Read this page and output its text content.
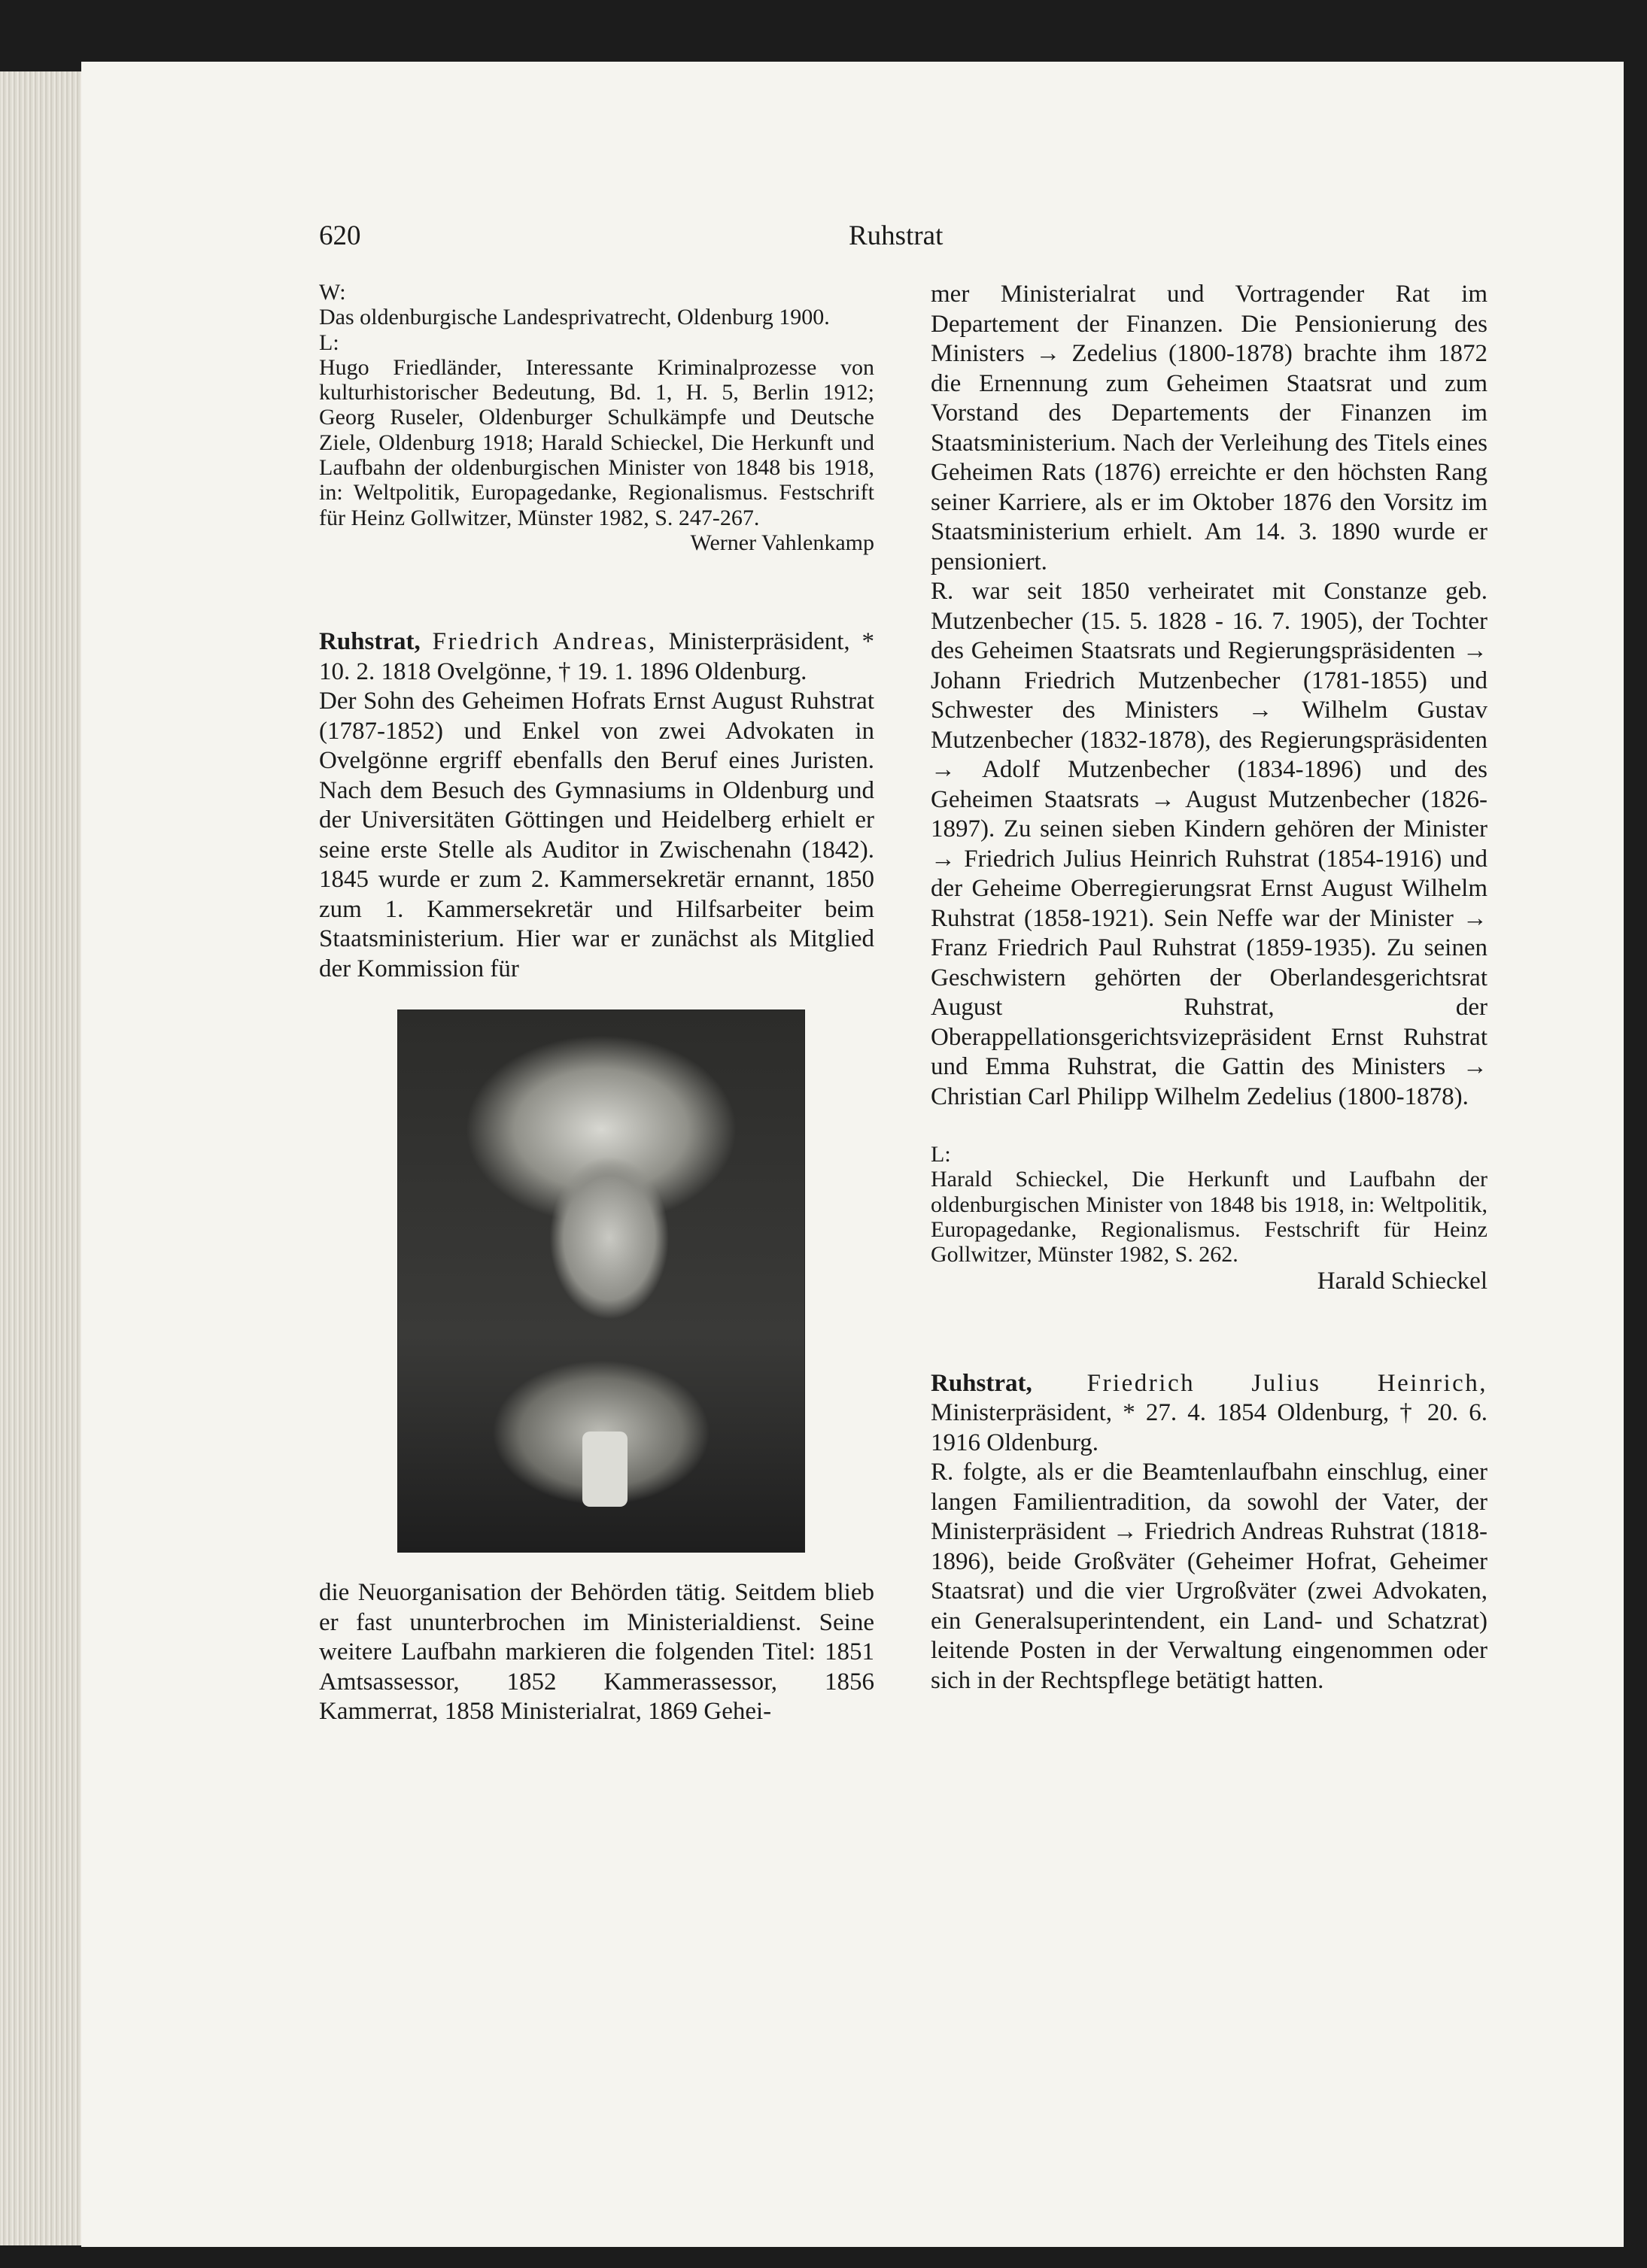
620	Ruhstrat

W:

Das oldenburgische Landesprivatrecht, Oldenburg 1900.

L:

Hugo Friedländer, Interessante Kriminalprozesse von kulturhistorischer Bedeutung, Bd. 1, H. 5, Berlin 1912; Georg Ruseler, Oldenburger Schulkämpfe und Deutsche Ziele, Oldenburg 1918; Harald Schieckel, Die Herkunft und Laufbahn der oldenburgischen Minister von 1848 bis 1918, in: Weltpolitik, Europagedanke, Regionalismus. Festschrift für Heinz Gollwitzer, Münster 1982, S. 247-267.

Werner Vahlenkamp

Ruhstrat, Friedrich Andreas, Ministerpräsident, * 10. 2. 1818 Ovelgönne, † 19. 1. 1896 Oldenburg.

Der Sohn des Geheimen Hofrats Ernst August Ruhstrat (1787-1852) und Enkel von zwei Advokaten in Ovelgönne ergriff ebenfalls den Beruf eines Juristen. Nach dem Besuch des Gymnasiums in Oldenburg und der Universitäten Göttingen und Heidelberg erhielt er seine erste Stelle als Auditor in Zwischenahn (1842). 1845 wurde er zum 2. Kammersekretär ernannt, 1850 zum 1. Kammersekretär und Hilfsarbeiter beim Staatsministerium. Hier war er zunächst als Mitglied der Kommission für

die Neuorganisation der Behörden tätig. Seitdem blieb er fast ununterbrochen im Ministerialdienst. Seine weitere Laufbahn markieren die folgenden Titel: 1851 Amtsassessor, 1852 Kammerassessor, 1856 Kammerrat, 1858 Ministerialrat, 1869 Gehei-

mer Ministerialrat und Vortragender Rat im Departement der Finanzen. Die Pensionierung des Ministers → Zedelius (1800-1878) brachte ihm 1872 die Ernennung zum Geheimen Staatsrat und zum Vorstand des Departements der Finanzen im Staatsministerium. Nach der Verleihung des Titels eines Geheimen Rats (1876) erreichte er den höchsten Rang seiner Karriere, als er im Oktober 1876 den Vorsitz im Staatsministerium erhielt. Am 14. 3. 1890 wurde er pensioniert.

R. war seit 1850 verheiratet mit Constanze geb. Mutzenbecher (15. 5. 1828 - 16. 7. 1905), der Tochter des Geheimen Staatsrats und Regierungspräsidenten → Johann Friedrich Mutzenbecher (1781-1855) und Schwester des Ministers → Wilhelm Gustav Mutzenbecher (1832-1878), des Regierungspräsidenten → Adolf Mutzenbecher (1834-1896) und des Geheimen Staatsrats → August Mutzenbecher (1826-1897). Zu seinen sieben Kindern gehören der Minister → Friedrich Julius Heinrich Ruhstrat (1854-1916) und der Geheime Oberregierungsrat Ernst August Wilhelm Ruhstrat (1858-1921). Sein Neffe war der Minister → Franz Friedrich Paul Ruhstrat (1859-1935). Zu seinen Geschwistern gehörten der Oberlandesgerichtsrat August Ruhstrat, der Oberappellationsgerichtsvizepräsident Ernst Ruhstrat und Emma Ruhstrat, die Gattin des Ministers → Christian Carl Philipp Wilhelm Zedelius (1800-1878).

L:

Harald Schieckel, Die Herkunft und Laufbahn der oldenburgischen Minister von 1848 bis 1918, in: Weltpolitik, Europagedanke, Regionalismus. Festschrift für Heinz Gollwitzer, Münster 1982, S. 262.

Harald Schieckel

Ruhstrat, Friedrich Julius Heinrich, Ministerpräsident, * 27. 4. 1854 Oldenburg, † 20. 6. 1916 Oldenburg.

R. folgte, als er die Beamtenlaufbahn einschlug, einer langen Familientradition, da sowohl der Vater, der Ministerpräsident → Friedrich Andreas Ruhstrat (1818-1896), beide Großväter (Geheimer Hofrat, Geheimer Staatsrat) und die vier Urgroßväter (zwei Advokaten, ein Generalsuperintendent, ein Land- und Schatzrat) leitende Posten in der Verwaltung eingenommen oder sich in der Rechtspflege betätigt hatten.
